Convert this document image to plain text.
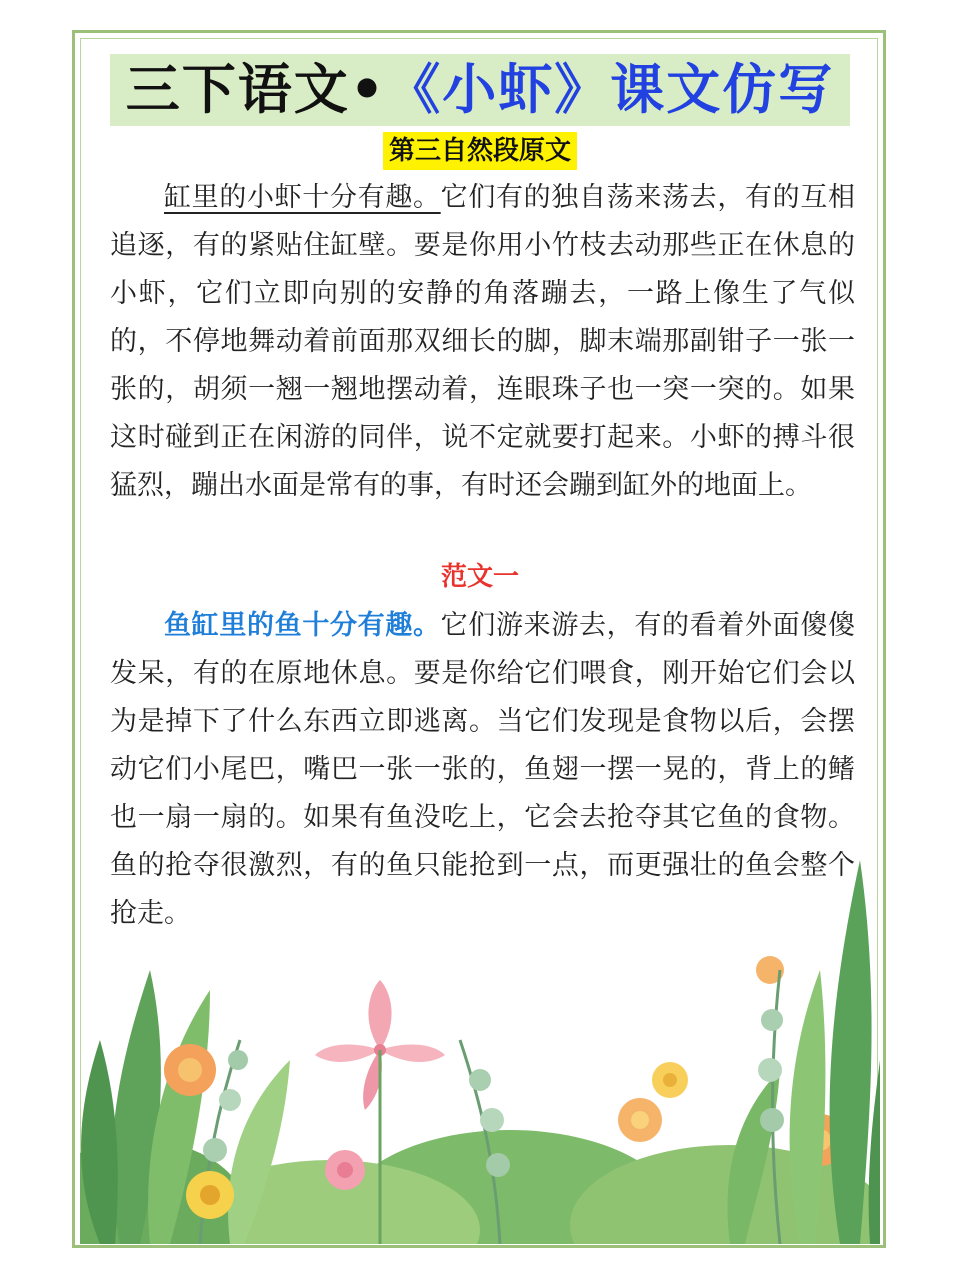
三下语文•《小虾》课文仿写
第三自然段原文

缸里的小虾十分有趣。它们有的独自荡来荡去，有的互相追逐，有的紧贴住缸壁。要是你用小竹枝去动那些正在休息的小虾，它们立即向别的安静的角落蹦去，一路上像生了气似的，不停地舞动着前面那双细长的脚，脚末端那副钳子一张一张的，胡须一翘一翘地摆动着，连眼珠子也一突一突的。如果这时碰到正在闲游的同伴，说不定就要打起来。小虾的搏斗很猛烈，蹦出水面是常有的事，有时还会蹦到缸外的地面上。

范文一

鱼缸里的鱼十分有趣。它们游来游去，有的看着外面傻傻发呆，有的在原地休息。要是你给它们喂食，刚开始它们会以为是掉下了什么东西立即逃离。当它们发现是食物以后，会摆动它们小尾巴，嘴巴一张一张的，鱼翅一摆一晃的，背上的鳍也一扇一扇的。如果有鱼没吃上，它会去抢夺其它鱼的食物。鱼的抢夺很激烈，有的鱼只能抢到一点，而更强壮的鱼会整个抢走。
